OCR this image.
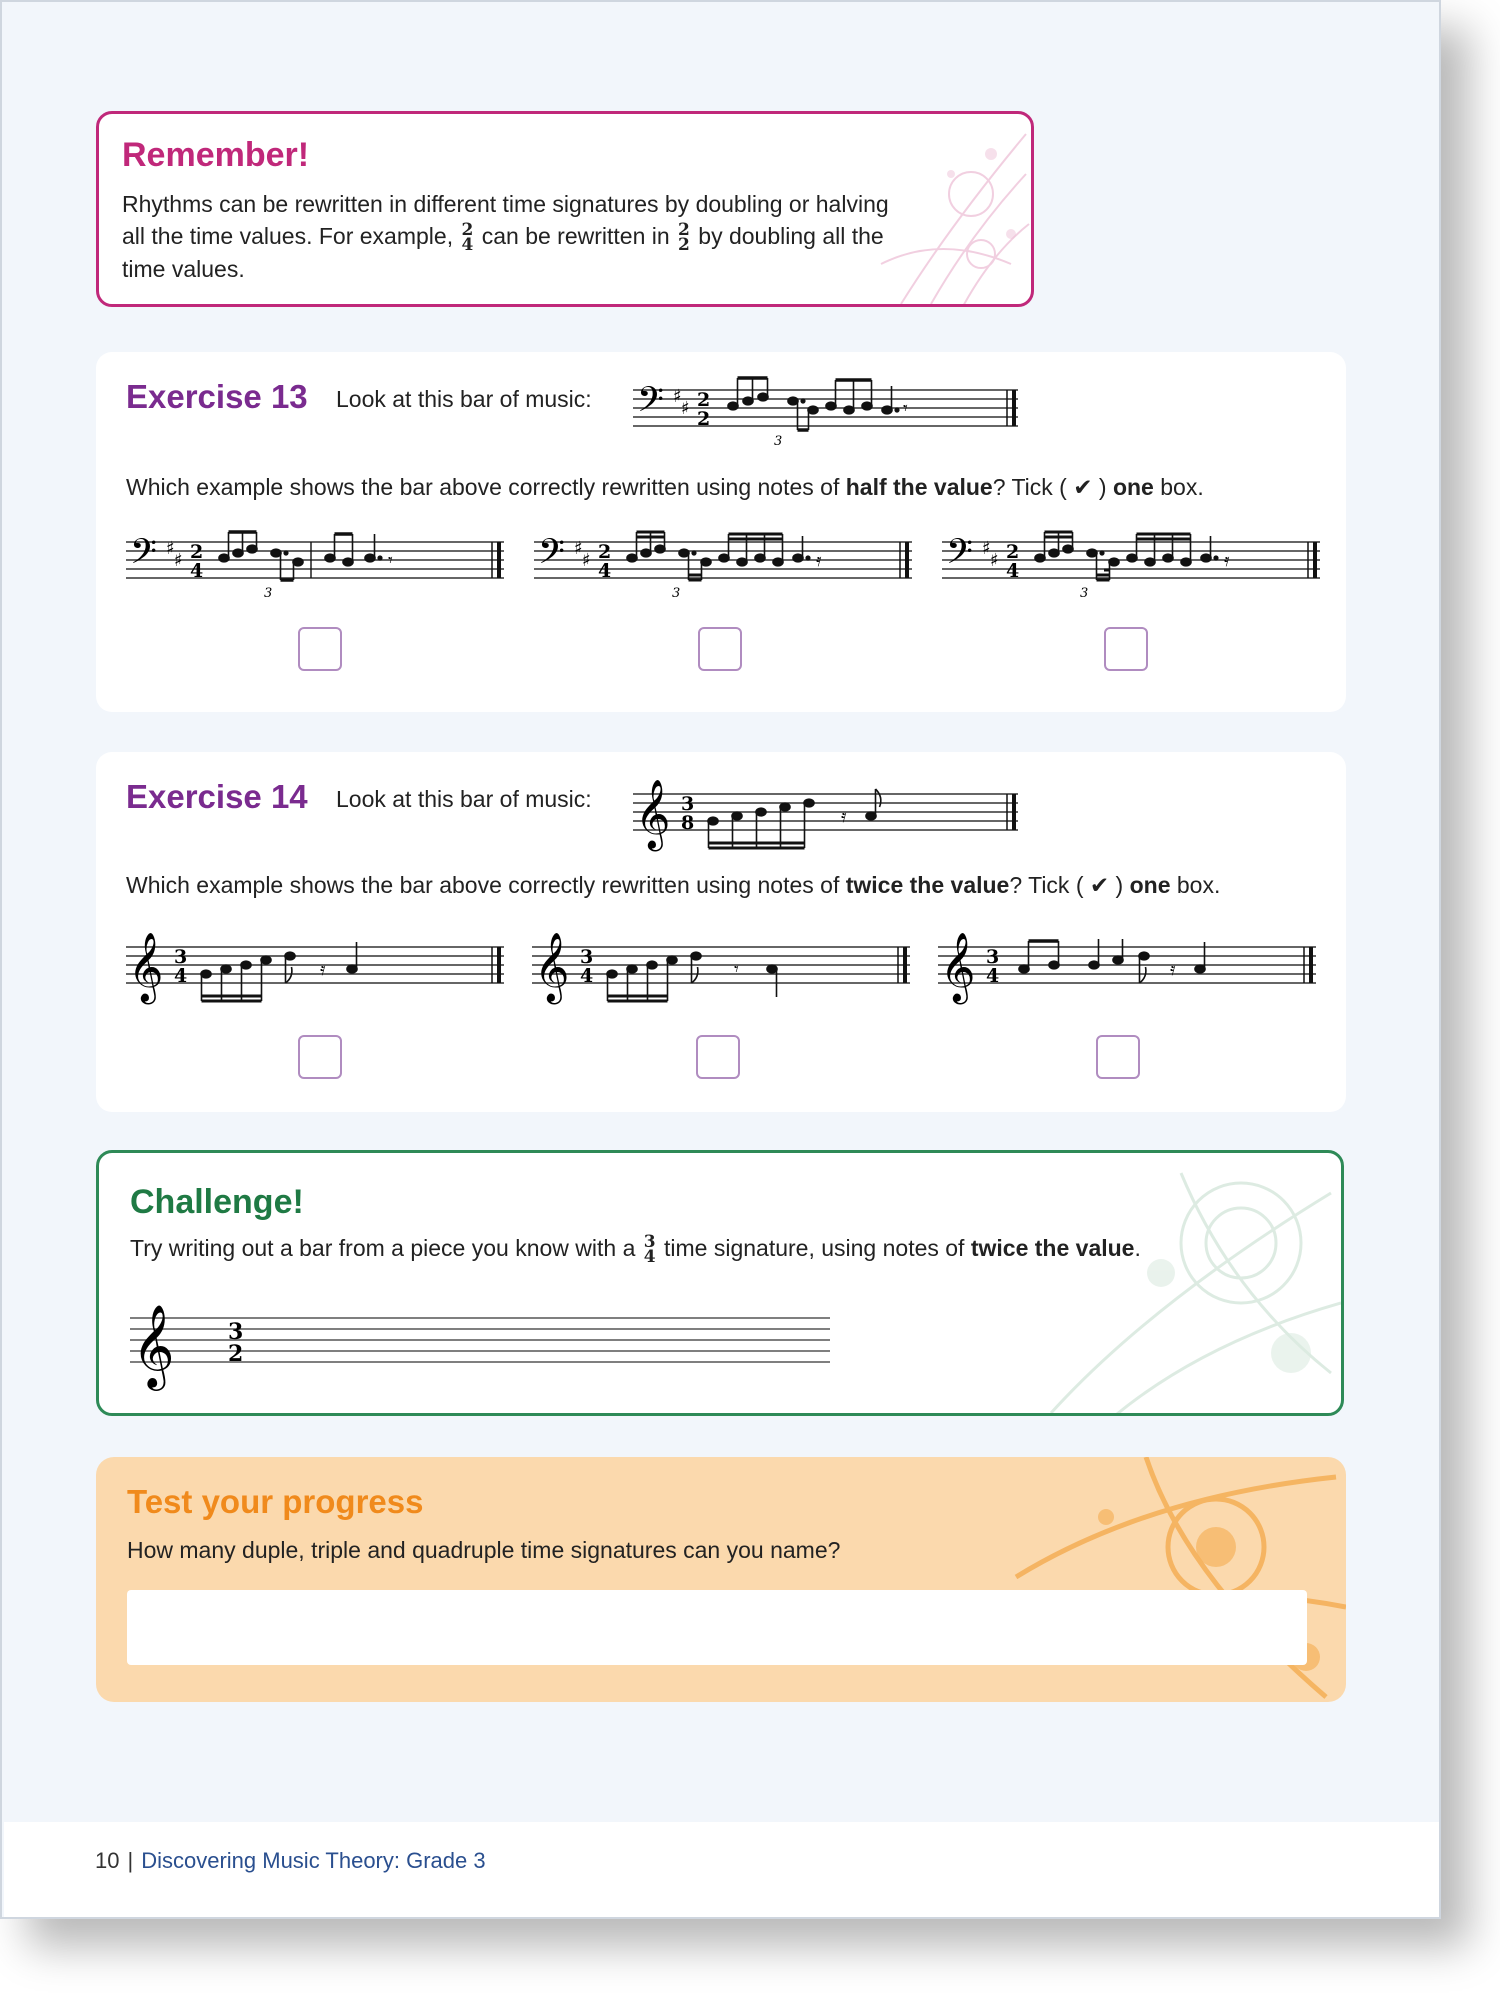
Remember!

Rhythms can be rewritten in different time signatures by doubling or halving all the time values. For example, 2
4 can be rewritten in 2
2 by doubling all the time values.

Exercise 13 Look at this bar of music: 𝄢 ♯
♯ 2
2	𝄾
3
Which example shows the bar above correctly rewritten using notes of half the value? Tick ( ✔ ) one box.
𝄢 ♯
♯ 2
4	𝄾
3
𝄢 ♯
♯ 2
4	𝄿
3
𝄢 ♯
♯ 2
4	𝄿
3
Exercise 14 Look at this bar of music: 𝄞 3
8	𝄿
Which example shows the bar above correctly rewritten using notes of twice the value? Tick ( ✔ ) one box.
𝄞 3
4	𝄿	𝄞 3
4	𝄾	𝄞 3
4	𝄿
Challenge!

Try writing out a bar from a piece you know with a 3
4 time signature, using notes of twice the value.

𝄞 3
2
Test your progress

How many duple, triple and quadruple time signatures can you name?

10 | Discovering Music Theory: Grade 3
